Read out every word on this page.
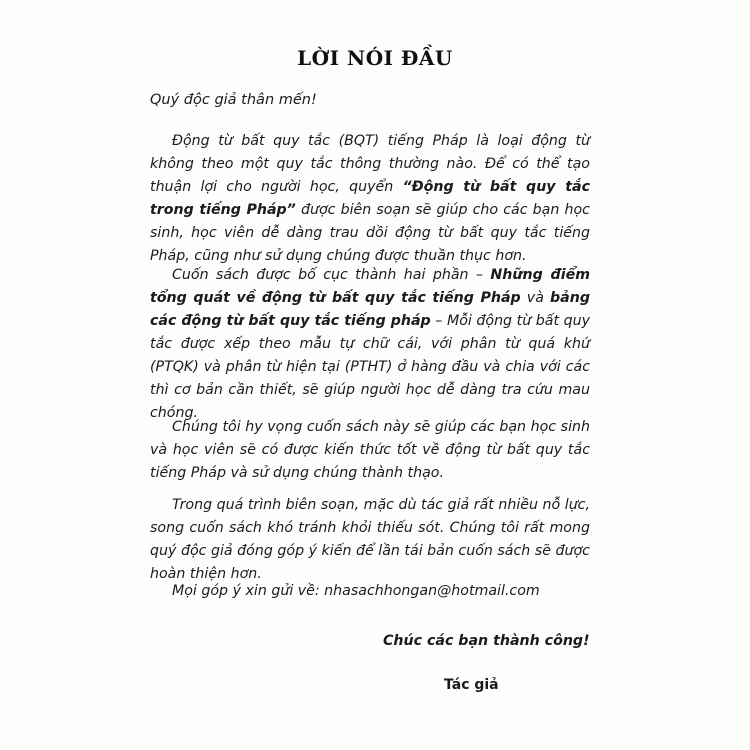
LỜI NÓI ĐẦU
Quý độc giả thân mến!

Động từ bất quy tắc (BQT) tiếng Pháp là loại động từ không theo một quy tắc thông thường nào. Để có thể tạo thuận lợi cho người học, quyển “Động từ bất quy tắc trong tiếng Pháp” được biên soạn sẽ giúp cho các bạn học sinh, học viên dễ dàng trau dồi động từ bất quy tắc tiếng Pháp, cũng như sử dụng chúng được thuần thục hơn.

Cuốn sách được bố cục thành hai phần – Những điểm tổng quát về động từ bất quy tắc tiếng Pháp và bảng các động từ bất quy tắc tiếng pháp – Mỗi động từ bất quy tắc được xếp theo mẫu tự chữ cái, với phân từ quá khứ (PTQK) và phân từ hiện tại (PTHT) ở hàng đầu và chia với các thì cơ bản cần thiết, sẽ giúp người học dễ dàng tra cứu mau chóng.

Chúng tôi hy vọng cuốn sách này sẽ giúp các bạn học sinh và học viên sẽ có được kiến thức tốt về động từ bất quy tắc tiếng Pháp và sử dụng chúng thành thạo.

Trong quá trình biên soạn, mặc dù tác giả rất nhiều nỗ lực, song cuốn sách khó tránh khỏi thiếu sót. Chúng tôi rất mong quý độc giả đóng góp ý kiến để lần tái bản cuốn sách sẽ được hoàn thiện hơn.

Mọi góp ý xin gửi về: nhasachhongan@hotmail.com
Chúc các bạn thành công!
Tác giả
